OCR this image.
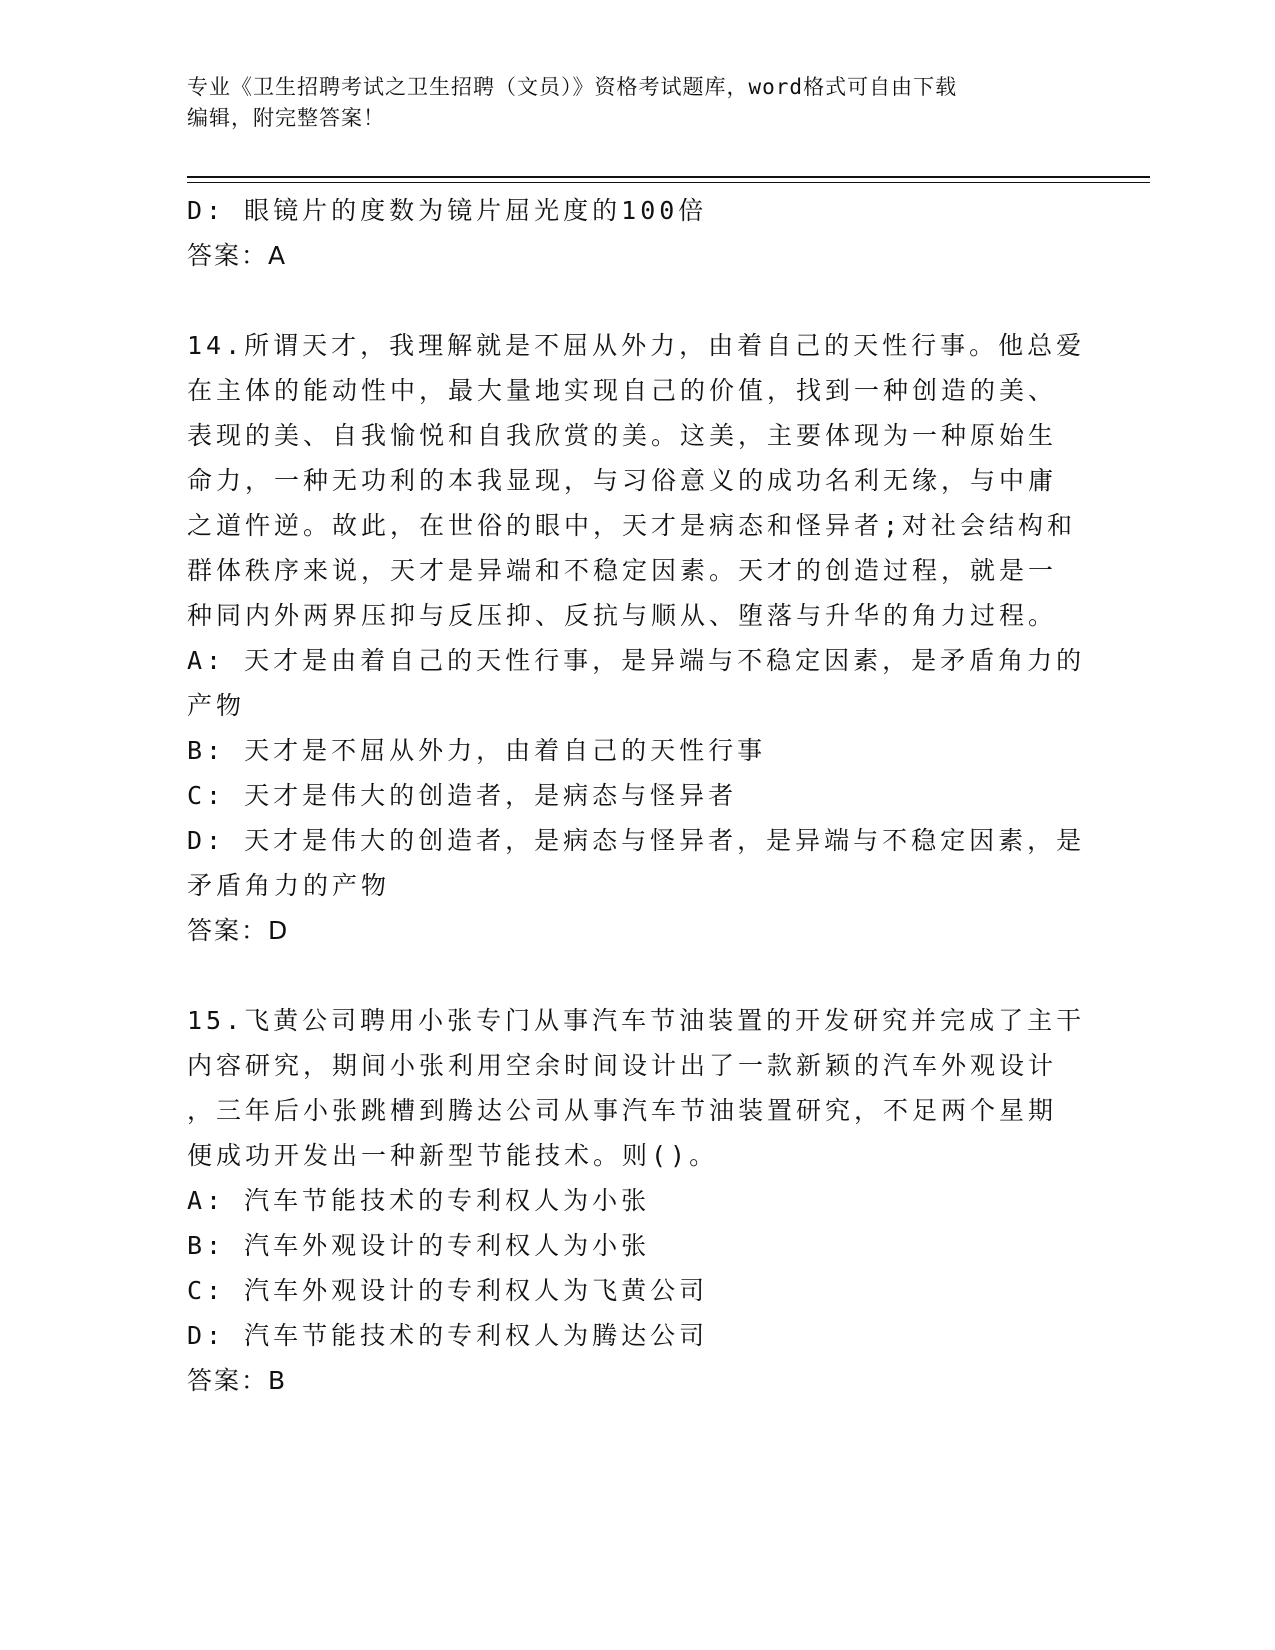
专业《卫生招聘考试之卫生招聘（文员）》资格考试题库，word格式可自由下载
编辑，附完整答案！
D: 眼镜片的度数为镜片屈光度的100倍
答案：A
14.所谓天才，我理解就是不屈从外力，由着自己的天性行事。他总爱
在主体的能动性中，最大量地实现自己的价值，找到一种创造的美、
表现的美、自我愉悦和自我欣赏的美。这美，主要体现为一种原始生
命力，一种无功利的本我显现，与习俗意义的成功名利无缘，与中庸
之道忤逆。故此，在世俗的眼中，天才是病态和怪异者;对社会结构和
群体秩序来说，天才是异端和不稳定因素。天才的创造过程，就是一
种同内外两界压抑与反压抑、反抗与顺从、堕落与升华的角力过程。
A: 天才是由着自己的天性行事，是异端与不稳定因素，是矛盾角力的
产物
B: 天才是不屈从外力，由着自己的天性行事
C: 天才是伟大的创造者，是病态与怪异者
D: 天才是伟大的创造者，是病态与怪异者，是异端与不稳定因素，是
矛盾角力的产物
答案：D
15.飞黄公司聘用小张专门从事汽车节油装置的开发研究并完成了主干
内容研究，期间小张利用空余时间设计出了一款新颖的汽车外观设计
，三年后小张跳槽到腾达公司从事汽车节油装置研究，不足两个星期
便成功开发出一种新型节能技术。则()。
A: 汽车节能技术的专利权人为小张
B: 汽车外观设计的专利权人为小张
C: 汽车外观设计的专利权人为飞黄公司
D: 汽车节能技术的专利权人为腾达公司
答案：B
